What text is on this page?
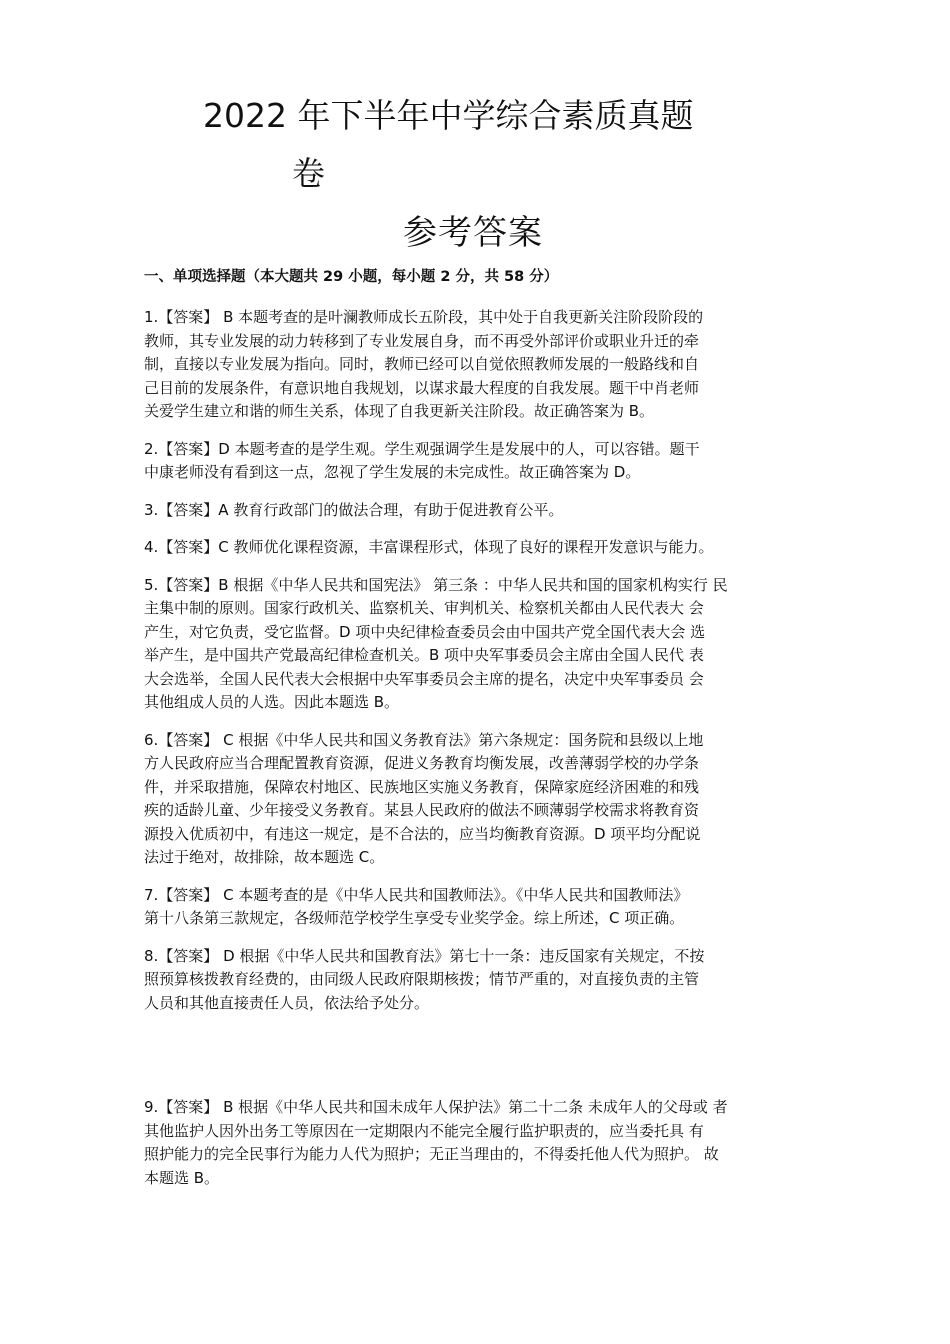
2022 年下半年中学综合素质真题
卷
参考答案
一、单项选择题（本大题共 29 小题，每小题 2 分，共 58 分）

1.【答案】 B 本题考查的是叶澜教师成长五阶段，其中处于自我更新关注阶段阶段的
教师，其专业发展的动力转移到了专业发展自身，而不再受外部评价或职业升迁的牵
制，直接以专业发展为指向。同时，教师已经可以自觉依照教师发展的一般路线和自
己目前的发展条件，有意识地自我规划，以谋求最大程度的自我发展。题干中肖老师
关爱学生建立和谐的师生关系，体现了自我更新关注阶段。故正确答案为 B。

2.【答案】D 本题考查的是学生观。学生观强调学生是发展中的人，可以容错。题干
中康老师没有看到这一点，忽视了学生发展的未完成性。故正确答案为 D。

3.【答案】A 教育行政部门的做法合理，有助于促进教育公平。

4.【答案】C 教师优化课程资源，丰富课程形式，体现了良好的课程开发意识与能力。

5.【答案】B 根据《中华人民共和国宪法》 第三条 ：中华人民共和国的国家机构实行 民
主集中制的原则。国家行政机关、监察机关、审判机关、检察机关都由人民代表大 会
产生，对它负责，受它监督。D 项中央纪律检查委员会由中国共产党全国代表大会 选
举产生，是中国共产党最高纪律检查机关。B 项中央军事委员会主席由全国人民代 表
大会选举，全国人民代表大会根据中央军事委员会主席的提名，决定中央军事委员 会
其他组成人员的人选。因此本题选 B。

6.【答案】 C 根据《中华人民共和国义务教育法》第六条规定：国务院和县级以上地
方人民政府应当合理配置教育资源，促进义务教育均衡发展，改善薄弱学校的办学条
件，并采取措施，保障农村地区、民族地区实施义务教育，保障家庭经济困难的和残
疾的适龄儿童、少年接受义务教育。某县人民政府的做法不顾薄弱学校需求将教育资
源投入优质初中，有违这一规定，是不合法的，应当均衡教育资源。D 项平均分配说
法过于绝对，故排除，故本题选 C。

7.【答案】 C 本题考查的是《中华人民共和国教师法》。《中华人民共和国教师法》
第十八条第三款规定，各级师范学校学生享受专业奖学金。综上所述，C 项正确。

8.【答案】 D 根据《中华人民共和国教育法》第七十一条：违反国家有关规定，不按
照预算核拨教育经费的，由同级人民政府限期核拨；情节严重的，对直接负责的主管
人员和其他直接责任人员，依法给予处分。

9.【答案】 B 根据《中华人民共和国未成年人保护法》第二十二条 未成年人的父母或 者
其他监护人因外出务工等原因在一定期限内不能完全履行监护职责的，应当委托具 有
照护能力的完全民事行为能力人代为照护；无正当理由的，不得委托他人代为照护。 故
本题选 B。
